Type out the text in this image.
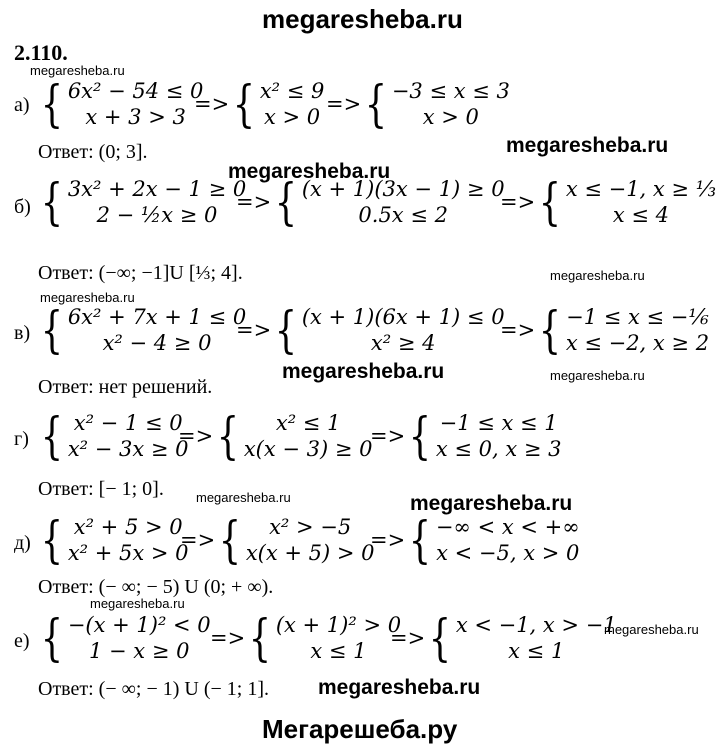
megaresheba.ru
2.110.
megaresheba.ru
а) { 6x² − 54 ≤ 0
x + 3 > 3
=> { x² ≤ 9
x > 0
=> { −3 ≤ x ≤ 3
x > 0
Ответ: (0; 3].
megaresheba.ru
megaresheba.ru
б) { 3x² + 2x − 1 ≥ 0
2 − ½x ≥ 0
=> { (x + 1)(3x − 1) ≥ 0
0.5x ≤ 2
=> { x ≤ −1, x ≥ ⅓
x ≤ 4
Ответ: (−∞; −1]U [⅓; 4].	megaresheba.ru
megaresheba.ru
в) { 6x² + 7x + 1 ≤ 0
x² − 4 ≥ 0
=> { (x + 1)(6x + 1) ≤ 0
x² ≥ 4
=> { −1 ≤ x ≤ −⅙
x ≤ −2, x ≥ 2
Ответ: нет решений.
megaresheba.ru	megaresheba.ru
г) { x² − 1 ≤ 0
x² − 3x ≥ 0
=> {	x² ≤ 1
x(x − 3) ≥ 0
=> { −1 ≤ x ≤ 1
x ≤ 0, x ≥ 3
Ответ: [− 1; 0]. megaresheba.ru	megaresheba.ru
д) { x² + 5 > 0
x² + 5x > 0
=> {	x² > −5
x(x + 5) > 0
=> { −∞ < x < +∞
x < −5, x > 0
Ответ: (− ∞; − 5) U (0; + ∞).
megaresheba.ru
е) { −(x + 1)² < 0
1 − x ≥ 0
=> { (x + 1)² > 0
x ≤ 1
=> { x < −1, x > −1
x ≤ 1
megaresheba.ru
Ответ: (− ∞; − 1) U (− 1; 1]. megaresheba.ru
Мегарешеба.ру
